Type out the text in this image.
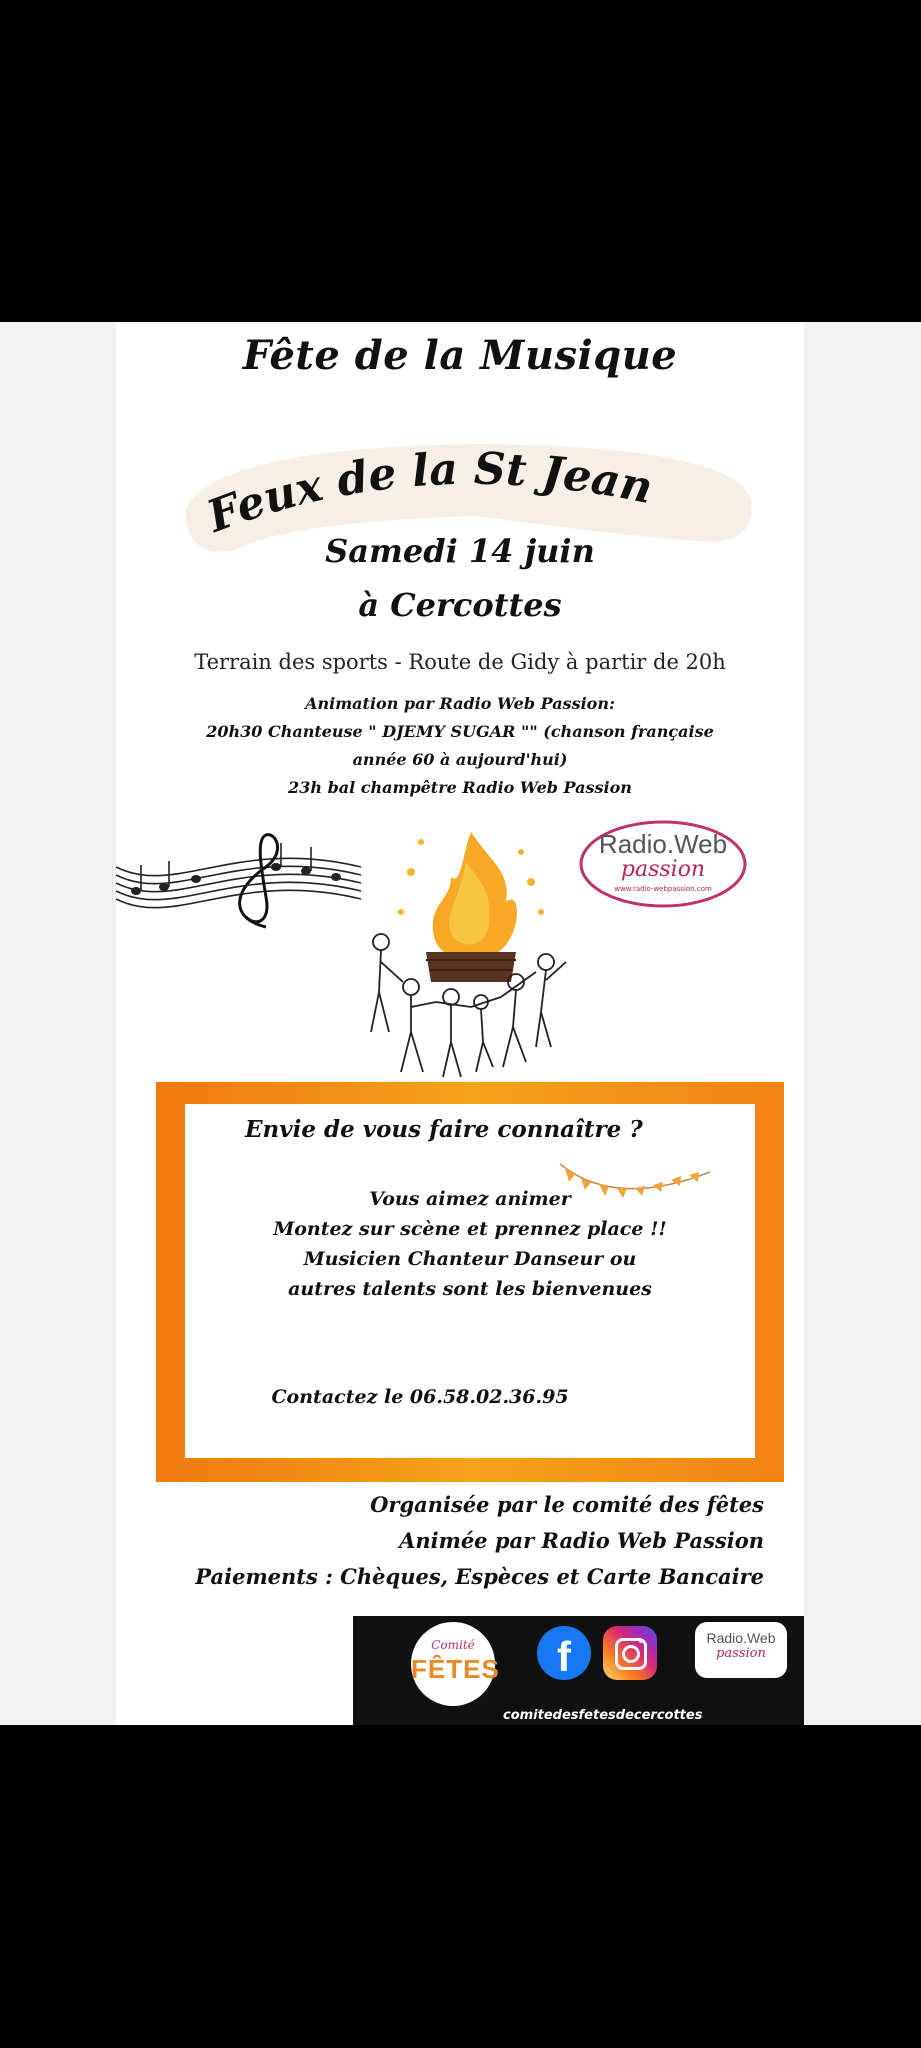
Fête de la Musique
Feux de la St Jean
Samedi 14 juin
à Cercottes
Terrain des sports - Route de Gidy à partir de 20h
Animation par Radio Web Passion:
20h30 Chanteuse " DJEMY SUGAR "" (chanson française
année 60 à aujourd'hui)
23h bal champêtre Radio Web Passion
Radio.Web
passion
www.radio-webpassion.com
Envie de vous faire connaître ?
Vous aimez animer
Montez sur scène et prennez place !!
Musicien Chanteur Danseur ou
autres talents sont les bienvenues
Contactez le 06.58.02.36.95
Organisée par le comité des fêtes
Animée par Radio Web Passion
Paiements : Chèques, Espèces et Carte Bancaire
Comité
FÊTES	f	Radio.Web
passion
comitedesfetesdecercottes
